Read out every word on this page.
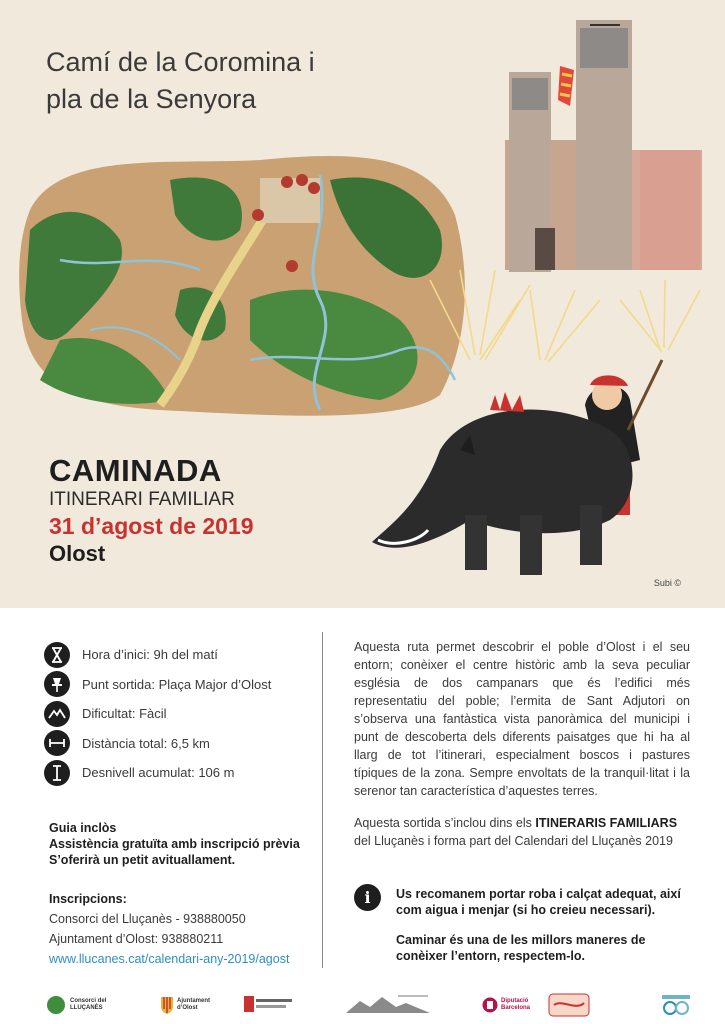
Camí de la Coromina i
pla de la Senyora
CAMINADA
ITINERARI FAMILIAR
31 d’agost de 2019
Olost
Subi ©
Hora d’inici: 9h del matí
Punt sortida: Plaça Major d’Olost
Dificultat: Fàcil
Distància total: 6,5 km
Desnivell acumulat: 106 m
Guia inclòs
Assistència gratuïta amb inscripció prèvia
S’oferirà un petit avituallament.
Inscripcions:
Consorci del Lluçanès - 938880050
Ajuntament d’Olost: 938880211
www.llucanes.cat/calendari-any-2019/agost

Aquesta ruta permet descobrir el poble d’Olost i el seu entorn; conèixer el centre històric amb la seva peculiar església de dos campanars que és l’edifici més representatiu del poble; l’ermita de Sant Adjutori on s’observa una fantàstica vista panoràmica del municipi i punt de descoberta dels diferents paisatges que hi ha al llarg de tot l’itinerari, especialment boscos i pastures típiques de la zona. Sempre envoltats de la tranquil·litat i la serenor tan característica d’aquestes terres.

Aquesta sortida s’inclou dins els ITINERARIS FAMILIARS del Lluçanès i forma part del Calendari del Lluçanès 2019

i	Us recomanem portar roba i calçat adequat, així com aigua i menjar (si ho creieu necessari).
Caminar és una de les millors maneres de conèixer l’entorn, respectem-lo.
Consorci del
LLUÇANÈS
Ajuntament
d’Olost
Diputació
Barcelona
